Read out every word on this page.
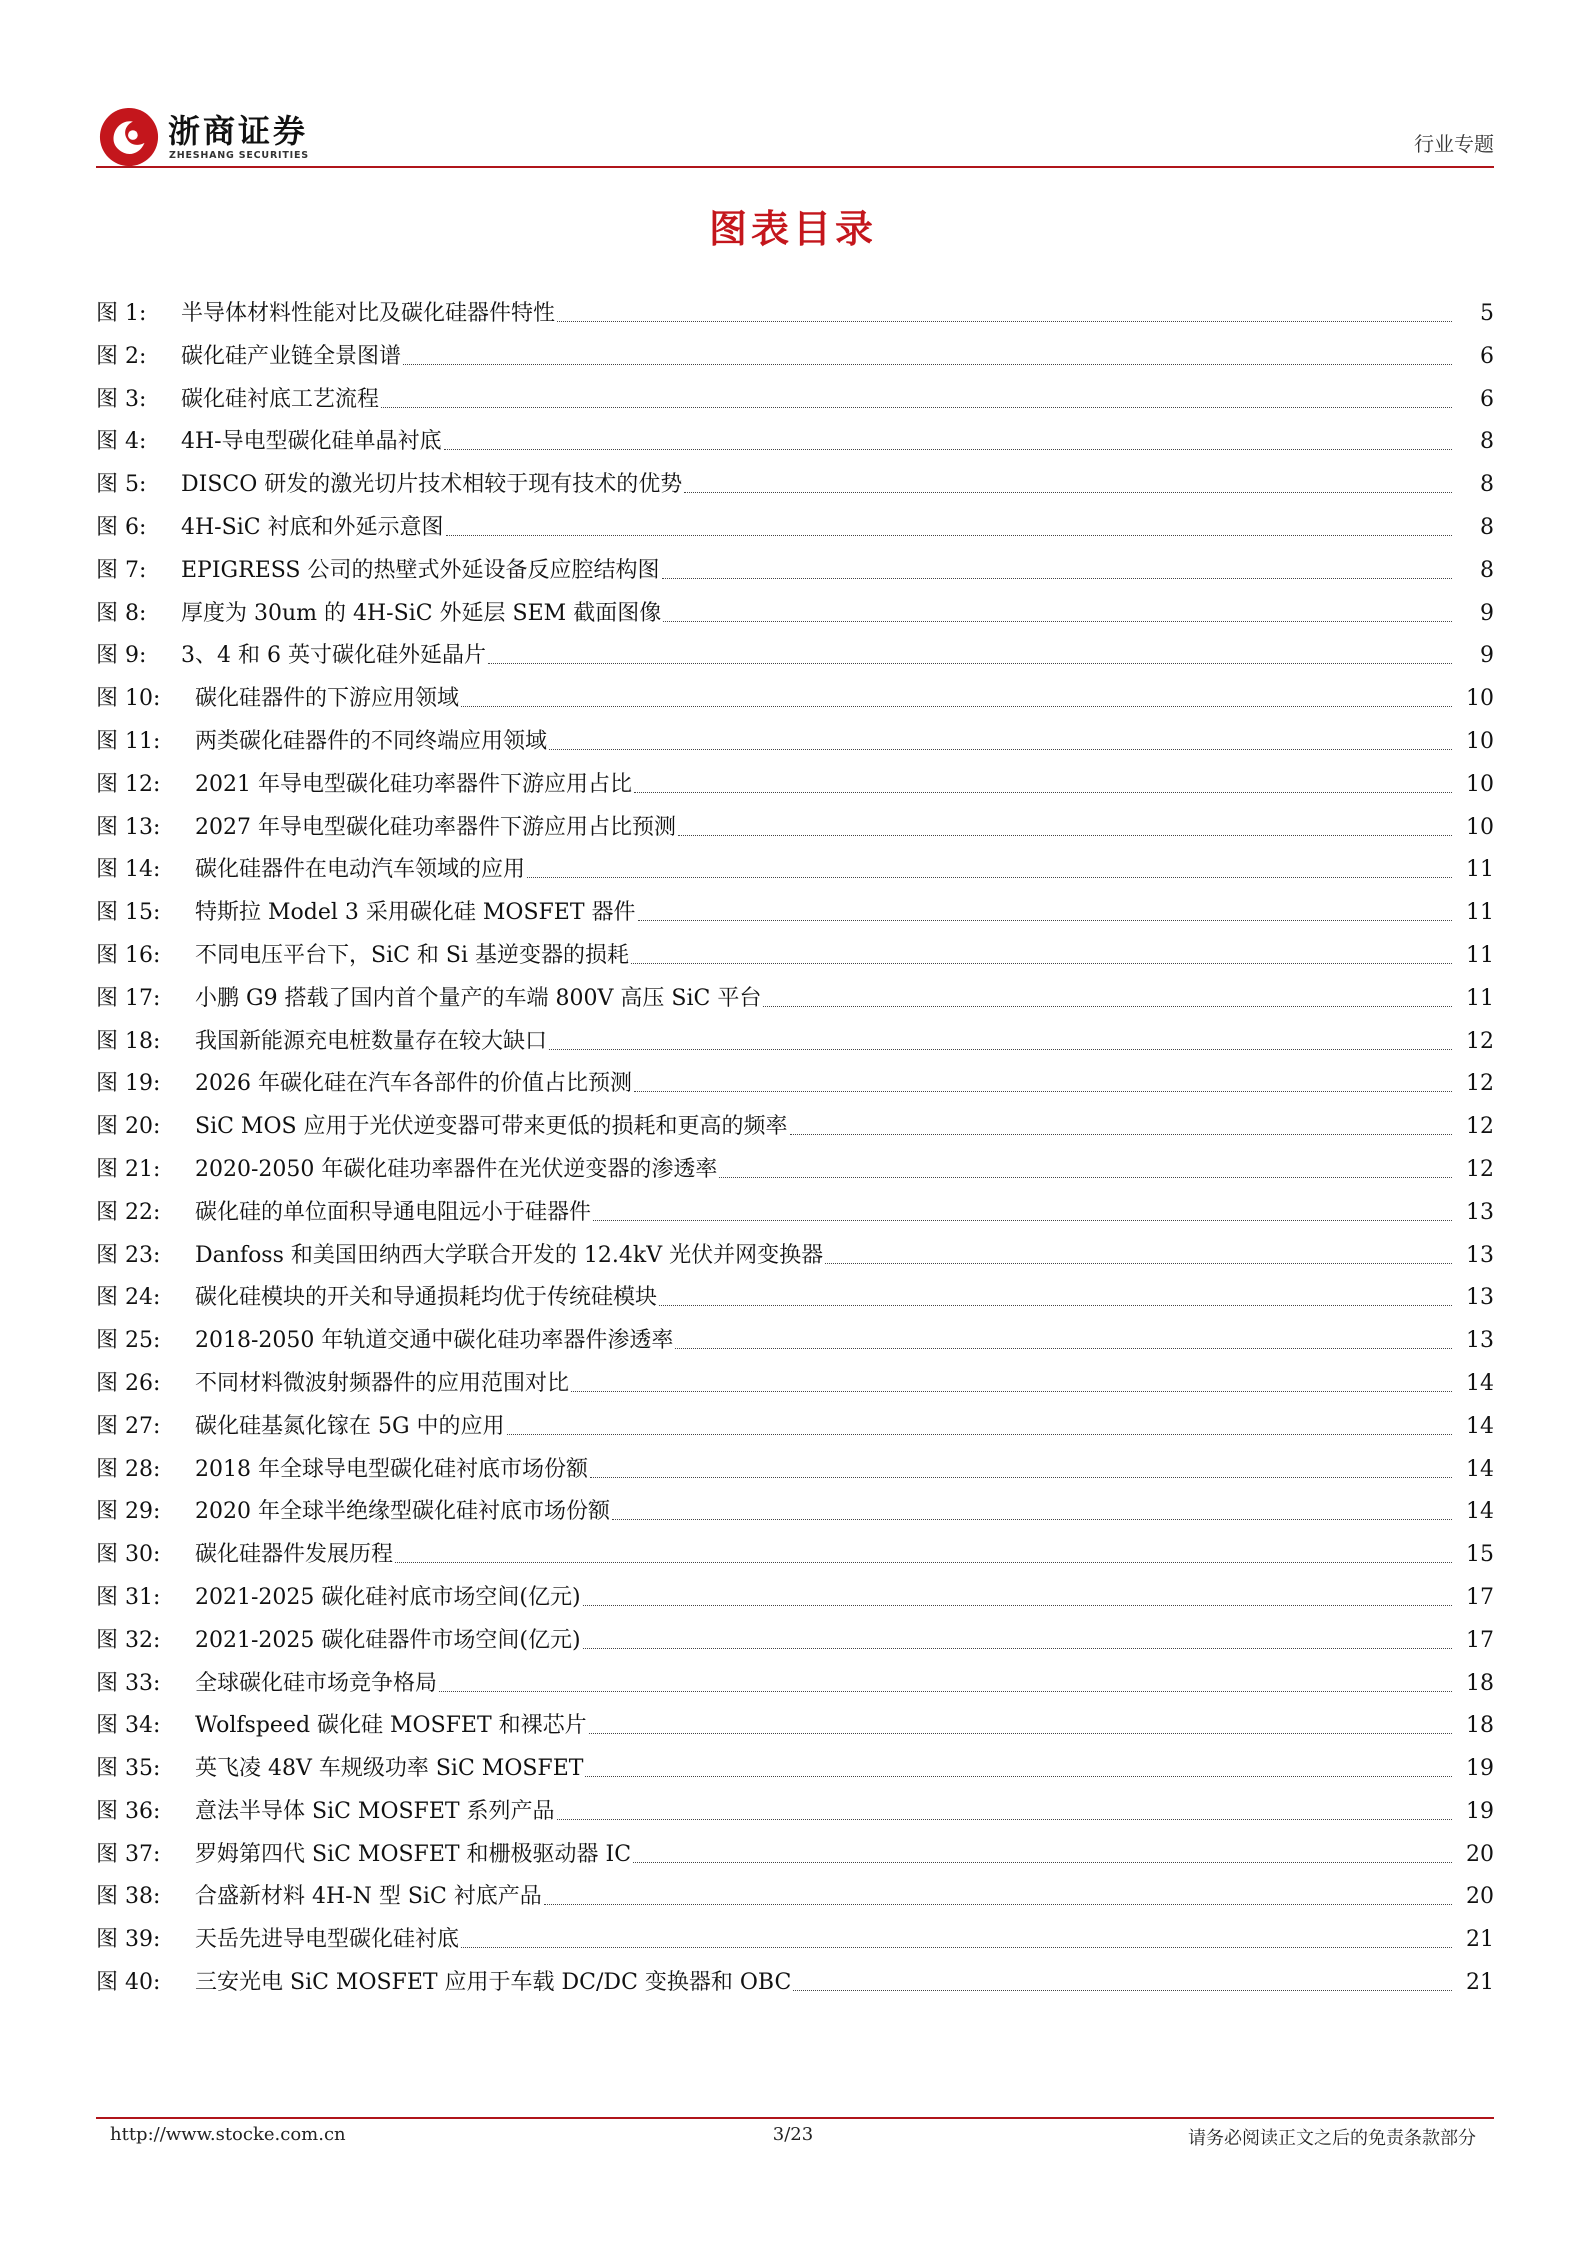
浙商证券
ZHESHANG SECURITIES	行业专题
图表目录
图 1: 半导体材料性能对比及碳化硅器件特性	5
图 2: 碳化硅产业链全景图谱	6
图 3: 碳化硅衬底工艺流程	6
图 4: 4H-导电型碳化硅单晶衬底	8
图 5: DISCO 研发的激光切片技术相较于现有技术的优势	8
图 6: 4H-SiC 衬底和外延示意图	8
图 7: EPIGRESS 公司的热壁式外延设备反应腔结构图	8
图 8: 厚度为 30um 的 4H-SiC 外延层 SEM 截面图像	9
图 9: 3、4 和 6 英寸碳化硅外延晶片	9
图 10: 碳化硅器件的下游应用领域	10
图 11: 两类碳化硅器件的不同终端应用领域	10
图 12: 2021 年导电型碳化硅功率器件下游应用占比	10
图 13: 2027 年导电型碳化硅功率器件下游应用占比预测	10
图 14: 碳化硅器件在电动汽车领域的应用	11
图 15: 特斯拉 Model 3 采用碳化硅 MOSFET 器件	11
图 16: 不同电压平台下，SiC 和 Si 基逆变器的损耗	11
图 17: 小鹏 G9 搭载了国内首个量产的车端 800V 高压 SiC 平台	11
图 18: 我国新能源充电桩数量存在较大缺口	12
图 19: 2026 年碳化硅在汽车各部件的价值占比预测	12
图 20: SiC MOS 应用于光伏逆变器可带来更低的损耗和更高的频率	12
图 21: 2020-2050 年碳化硅功率器件在光伏逆变器的渗透率	12
图 22: 碳化硅的单位面积导通电阻远小于硅器件	13
图 23: Danfoss 和美国田纳西大学联合开发的 12.4kV 光伏并网变换器	13
图 24: 碳化硅模块的开关和导通损耗均优于传统硅模块	13
图 25: 2018-2050 年轨道交通中碳化硅功率器件渗透率	13
图 26: 不同材料微波射频器件的应用范围对比	14
图 27: 碳化硅基氮化镓在 5G 中的应用	14
图 28: 2018 年全球导电型碳化硅衬底市场份额	14
图 29: 2020 年全球半绝缘型碳化硅衬底市场份额	14
图 30: 碳化硅器件发展历程	15
图 31: 2021-2025 碳化硅衬底市场空间(亿元)	17
图 32: 2021-2025 碳化硅器件市场空间(亿元)	17
图 33: 全球碳化硅市场竞争格局	18
图 34: Wolfspeed 碳化硅 MOSFET 和裸芯片	18
图 35: 英飞凌 48V 车规级功率 SiC MOSFET	19
图 36: 意法半导体 SiC MOSFET 系列产品	19
图 37: 罗姆第四代 SiC MOSFET 和栅极驱动器 IC	20
图 38: 合盛新材料 4H-N 型 SiC 衬底产品	20
图 39: 天岳先进导电型碳化硅衬底	21
图 40: 三安光电 SiC MOSFET 应用于车载 DC/DC 变换器和 OBC	21
http://www.stocke.com.cn	3/23	请务必阅读正文之后的免责条款部分
